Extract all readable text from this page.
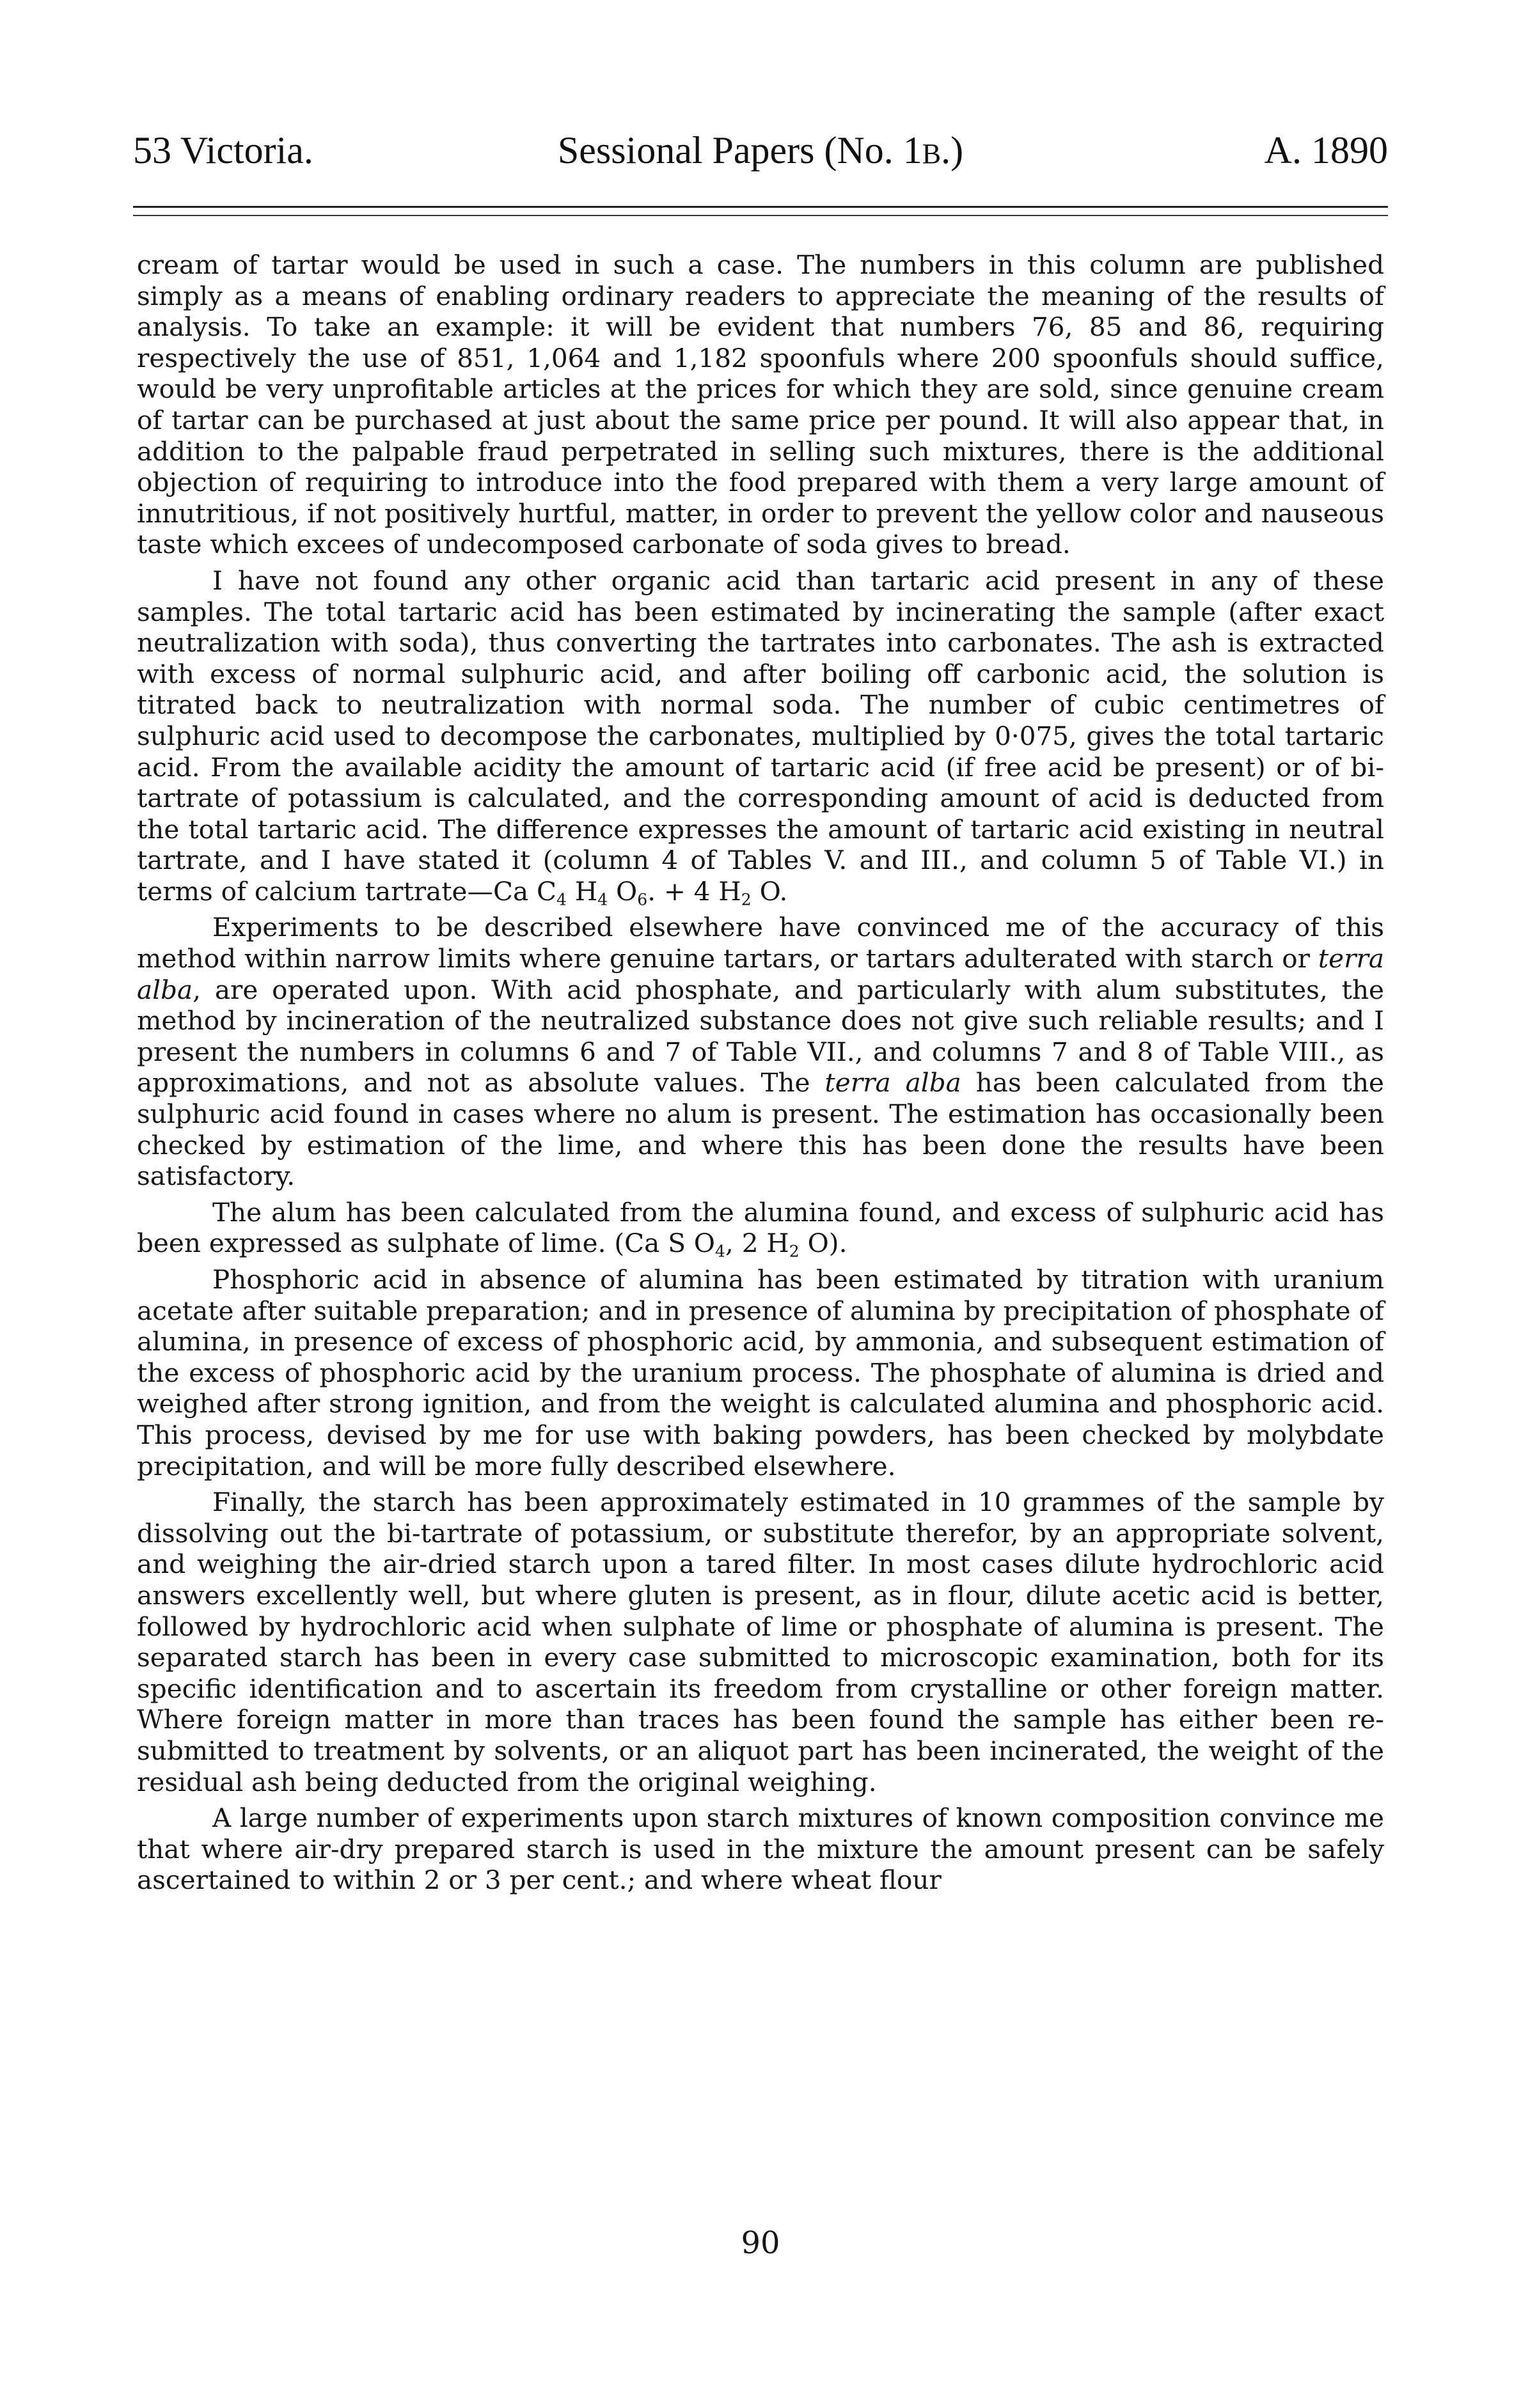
53 Victoria.	Sessional Papers (No. 1B.)	A. 1890

cream of tartar would be used in such a case. The numbers in this column are published simply as a means of enabling ordinary readers to appreciate the meaning of the results of analysis. To take an example: it will be evident that numbers 76, 85 and 86, requiring respectively the use of 851, 1,064 and 1,182 spoonfuls where 200 spoonfuls should suffice, would be very unprofitable articles at the prices for which they are sold, since genuine cream of tartar can be purchased at just about the same price per pound. It will also appear that, in addition to the palpable fraud perpetrated in selling such mixtures, there is the additional objection of requiring to introduce into the food prepared with them a very large amount of innutritious, if not positively hurtful, matter, in order to prevent the yellow color and nauseous taste which excees of undecomposed carbonate of soda gives to bread.

I have not found any other organic acid than tartaric acid present in any of these samples. The total tartaric acid has been estimated by incinerating the sample (after exact neutralization with soda), thus converting the tartrates into carbonates. The ash is extracted with excess of normal sulphuric acid, and after boiling off carbonic acid, the solution is titrated back to neutralization with normal soda. The number of cubic centimetres of sulphuric acid used to decompose the carbonates, multiplied by 0·075, gives the total tartaric acid. From the available acidity the amount of tartaric acid (if free acid be present) or of bi-tartrate of potassium is calculated, and the corresponding amount of acid is deducted from the total tartaric acid. The difference expresses the amount of tartaric acid existing in neutral tartrate, and I have stated it (column 4 of Tables V. and III., and column 5 of Table VI.) in terms of calcium tartrate—Ca $C_4$ $H_4$ $O_6$. + 4 $H_2$ O.

Experiments to be described elsewhere have convinced me of the accuracy of this method within narrow limits where genuine tartars, or tartars adulterated with starch or terra alba, are operated upon. With acid phosphate, and particularly with alum substitutes, the method by incineration of the neutralized substance does not give such reliable results; and I present the numbers in columns 6 and 7 of Table VII., and columns 7 and 8 of Table VIII., as approximations, and not as absolute values. The terra alba has been calculated from the sulphuric acid found in cases where no alum is present. The estimation has occasionally been checked by estimation of the lime, and where this has been done the results have been satisfactory.

The alum has been calculated from the alumina found, and excess of sulphuric acid has been expressed as sulphate of lime. (Ca S $O_4$, 2 $H_2$ O).

Phosphoric acid in absence of alumina has been estimated by titration with uranium acetate after suitable preparation; and in presence of alumina by precipitation of phosphate of alumina, in presence of excess of phosphoric acid, by ammonia, and subsequent estimation of the excess of phosphoric acid by the uranium process. The phosphate of alumina is dried and weighed after strong ignition, and from the weight is calculated alumina and phosphoric acid. This process, devised by me for use with baking powders, has been checked by molybdate precipitation, and will be more fully described elsewhere.

Finally, the starch has been approximately estimated in 10 grammes of the sample by dissolving out the bi-tartrate of potassium, or substitute therefor, by an appropriate solvent, and weighing the air-dried starch upon a tared filter. In most cases dilute hydrochloric acid answers excellently well, but where gluten is present, as in flour, dilute acetic acid is better, followed by hydrochloric acid when sulphate of lime or phosphate of alumina is present. The separated starch has been in every case submitted to microscopic examination, both for its specific identification and to ascertain its freedom from crystalline or other foreign matter. Where foreign matter in more than traces has been found the sample has either been re-submitted to treatment by solvents, or an aliquot part has been incinerated, the weight of the residual ash being deducted from the original weighing.

A large number of experiments upon starch mixtures of known composition convince me that where air-dry prepared starch is used in the mixture the amount present can be safely ascertained to within 2 or 3 per cent.; and where wheat flour

90
